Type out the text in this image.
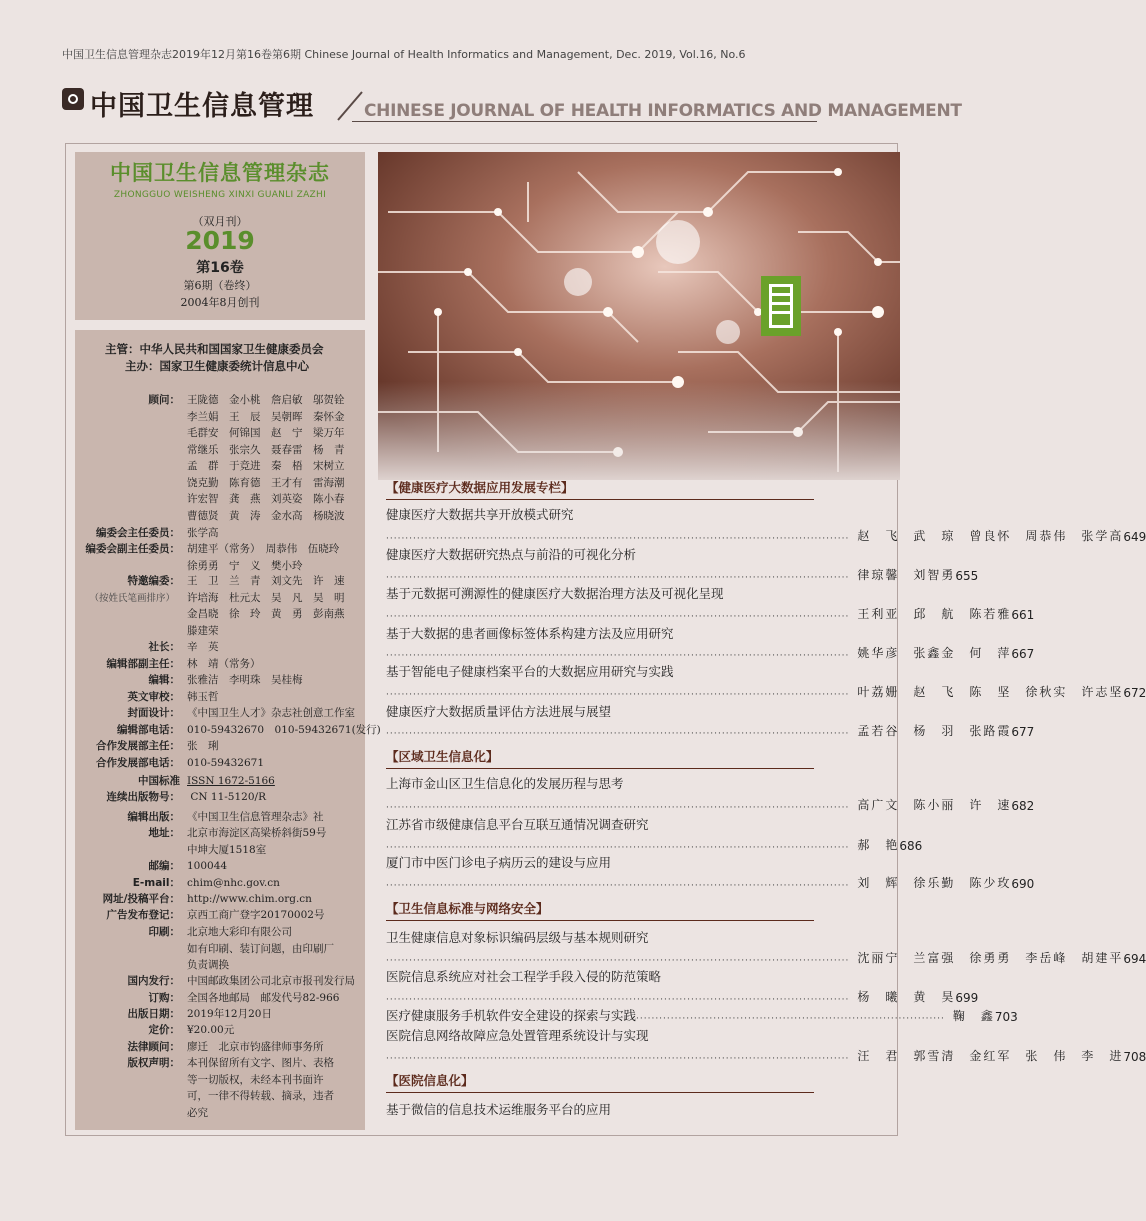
中国卫生信息管理杂志2019年12月第16卷第6期 Chinese Journal of Health Informatics and Management, Dec. 2019, Vol.16, No.6
中国卫生信息管理	CHINESE JOURNAL OF HEALTH INFORMATICS AND MANAGEMENT
中国卫生信息管理杂志
ZHONGGUO WEISHENG XINXI GUANLI ZAZHI
（双月刊）
2019
第16卷
第6期（卷终）
2004年8月创刊
主管：中华人民共和国国家卫生健康委员会
主办：国家卫生健康委统计信息中心
顾问： 王陇德　金小桃　詹启敏　邬贺铨
李兰娟　王　辰　吴朝晖　秦怀金
毛群安　何锦国　赵　宁　梁万年
常继乐　张宗久　聂春雷　杨　青
孟　群　于竞进　秦　梧　宋树立
饶克勤　陈育德　王才有　雷海潮
许宏智　龚　燕　刘英姿　陈小春
曹德贤　黄　涛　金水高　杨晓波
编委会主任委员： 张学高
编委会副主任委员： 胡建平（常务）　周恭伟　伍晓玲
徐勇勇　宁　义　樊小玲
特邀编委： 王　卫　兰　青　刘文先　许　速
许培海　杜元太　吴　凡　吴　明
金昌晓　徐　玲　黄　勇　彭南燕
滕建荣
社长： 辛　英
编辑部副主任： 林　靖（常务）
编辑： 张雅洁　李明珠　吴桂梅
英文审校： 韩玉哲
封面设计： 《中国卫生人才》杂志社创意工作室
编辑部电话： 010-59432670　010-59432671(发行)
合作发展部主任： 张　琍
合作发展部电话： 010-59432671
中国标准 ISSN 1672-5166
连续出版物号： CN 11-5120/R
编辑出版： 《中国卫生信息管理杂志》社
地址： 北京市海淀区高梁桥斜街59号
中坤大厦1518室
邮编： 100044
E-mail： chim@nhc.gov.cn
网址/投稿平台： http://www.chim.org.cn
广告发布登记： 京西工商广登字20170002号
印刷： 北京地大彩印有限公司
如有印刷、装订问题，由印刷厂
负责调换
国内发行： 中国邮政集团公司北京市报刊发行局
订购： 全国各地邮局　邮发代号82-966
出版日期： 2019年12月20日
定价： ¥20.00元
法律顾问： 廖迁　北京市钧盛律师事务所
版权声明： 本刊保留所有文字、图片、表格
等一切版权，未经本刊书面许
可，一律不得转载、摘录，违者
必究
（按姓氏笔画排序）
【健康医疗大数据应用发展专栏】
健康医疗大数据共享开放模式研究
························································································································ 赵　飞　武　琼　曾良怀　周恭伟　张学高 649
健康医疗大数据研究热点与前沿的可视化分析
························································································································ 律琼馨　刘智勇 655
基于元数据可溯源性的健康医疗大数据治理方法及可视化呈现
························································································································ 王利亚　邱　航　陈若雅 661
基于大数据的患者画像标签体系构建方法及应用研究
························································································································ 姚华彦　张鑫金　何　萍 667
基于智能电子健康档案平台的大数据应用研究与实践
························································································································ 叶荔姗　赵　飞　陈　坚　徐秋实　许志坚 672
健康医疗大数据质量评估方法进展与展望
························································································································ 孟若谷　杨　羽　张路霞 677
【区域卫生信息化】
上海市金山区卫生信息化的发展历程与思考
························································································································ 高广文　陈小丽　许　速 682
江苏省市级健康信息平台互联互通情况调查研究
························································································································ 郝　艳 686
厦门市中医门诊电子病历云的建设与应用
························································································································ 刘　辉　徐乐勤　陈少玫 690
【卫生信息标准与网络安全】
卫生健康信息对象标识编码层级与基本规则研究
························································································································ 沈丽宁　兰富强　徐勇勇　李岳峰　胡建平 694
医院信息系统应对社会工程学手段入侵的防范策略
························································································································ 杨　曦　黄　昊 699
医疗健康服务手机软件安全建设的探索与实践 ················································································ 鞠　鑫 703
医院信息网络故障应急处置管理系统设计与实现
························································································································ 汪　君　郭雪清　金红军　张　伟　李　进 708
【医院信息化】
基于微信的信息技术运维服务平台的应用
